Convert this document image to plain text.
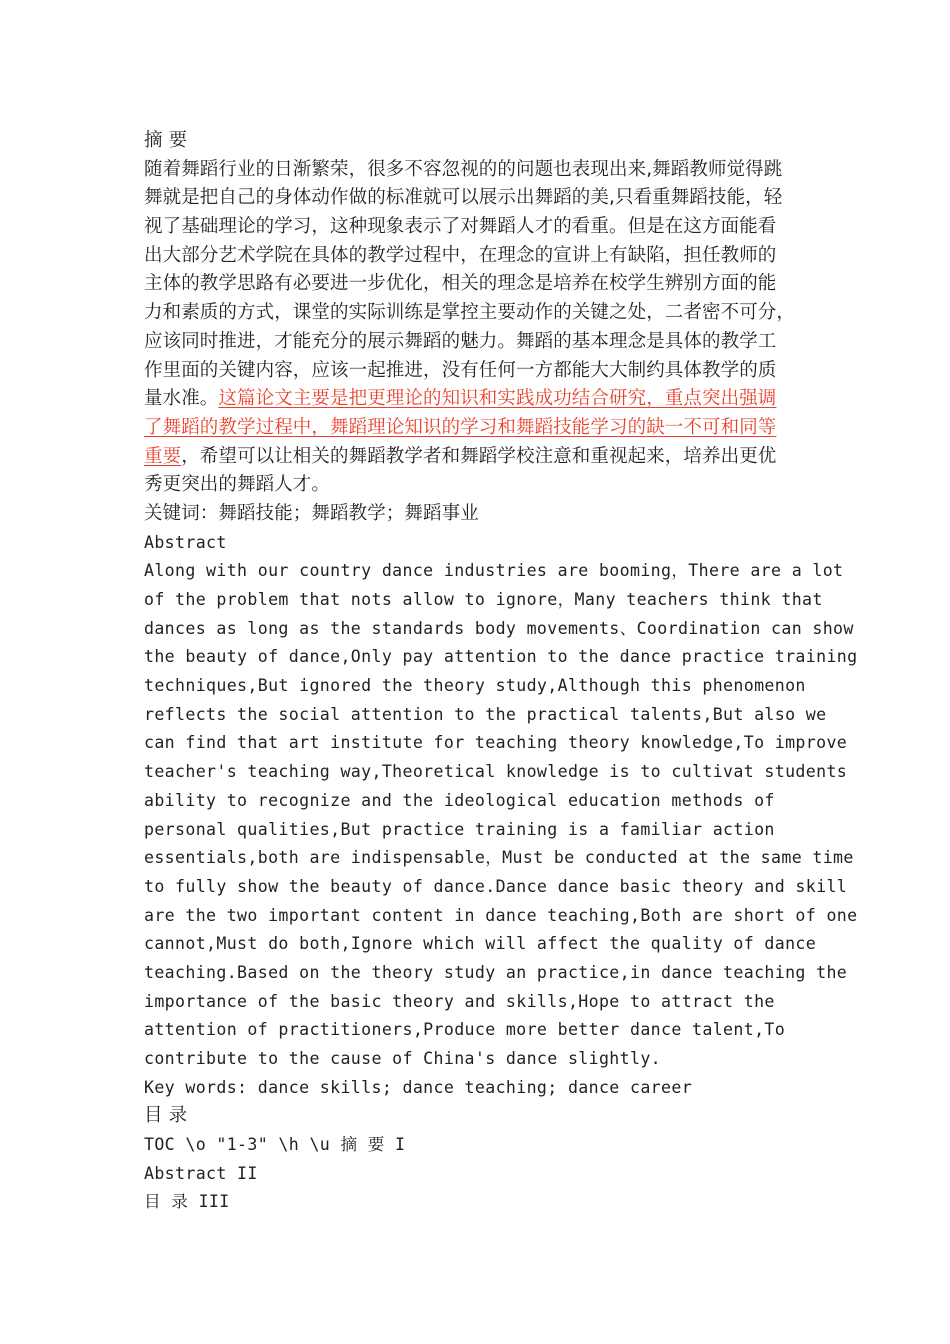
摘 要
随着舞蹈行业的日渐繁荣，很多不容忽视的的问题也表现出来,舞蹈教师觉得跳
舞就是把自己的身体动作做的标准就可以展示出舞蹈的美,只看重舞蹈技能，轻
视了基础理论的学习，这种现象表示了对舞蹈人才的看重。但是在这方面能看
出大部分艺术学院在具体的教学过程中，在理念的宣讲上有缺陷，担任教师的
主体的教学思路有必要进一步优化，相关的理念是培养在校学生辨别方面的能
力和素质的方式，课堂的实际训练是掌控主要动作的关键之处，二者密不可分，
应该同时推进，才能充分的展示舞蹈的魅力。舞蹈的基本理念是具体的教学工
作里面的关键内容，应该一起推进，没有任何一方都能大大制约具体教学的质
量水准。这篇论文主要是把更理论的知识和实践成功结合研究，重点突出强调
了舞蹈的教学过程中，舞蹈理论知识的学习和舞蹈技能学习的缺一不可和同等
重要，希望可以让相关的舞蹈教学者和舞蹈学校注意和重视起来，培养出更优
秀更突出的舞蹈人才。
关键词：舞蹈技能；舞蹈教学；舞蹈事业
Abstract
Along with our country dance industries are booming，There are a lot
of the problem that nots allow to ignore，Many teachers think that
dances as long as the standards body movements、Coordination can show
the beauty of dance,Only pay attention to the dance practice training
techniques,But ignored the theory study,Although this phenomenon
reflects the social attention to the practical talents,But also we
can find that art institute for teaching theory knowledge,To improve
teacher's teaching way,Theoretical knowledge is to cultivat students
ability to recognize and the ideological education methods of
personal qualities,But practice training is a familiar action
essentials,both are indispensable，Must be conducted at the same time
to fully show the beauty of dance.Dance dance basic theory and skill
are the two important content in dance teaching,Both are short of one
cannot,Must do both,Ignore which will affect the quality of dance
teaching.Based on the theory study an practice,in dance teaching the
importance of the basic theory and skills,Hope to attract the
attention of practitioners,Produce more better dance talent,To
contribute to the cause of China's dance slightly.
Key words: dance skills; dance teaching; dance career
目 录
TOC \o "1-3" \h \u 摘 要 I
Abstract II
目 录 III
